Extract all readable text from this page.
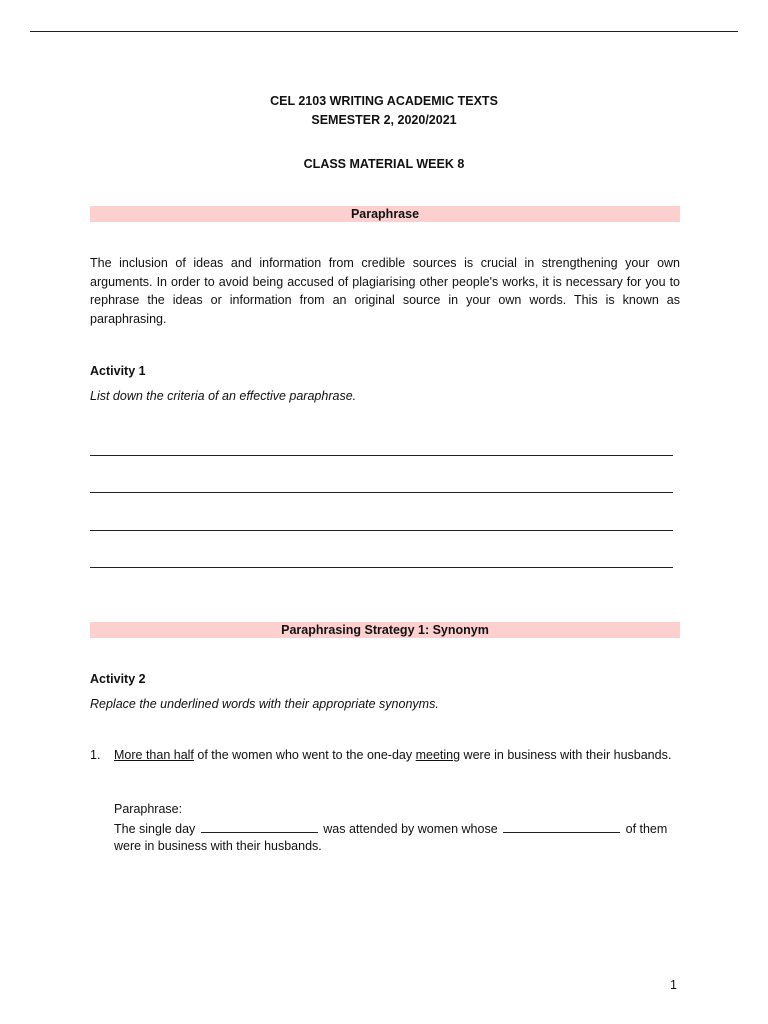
CEL 2103 WRITING ACADEMIC TEXTS
SEMESTER 2, 2020/2021
CLASS MATERIAL WEEK 8
Paraphrase

The inclusion of ideas and information from credible sources is crucial in strengthening your own arguments. In order to avoid being accused of plagiarising other people's works, it is necessary for you to rephrase the ideas or information from an original source in your own words. This is known as paraphrasing.

Activity 1
List down the criteria of an effective paraphrase.
Paraphrasing Strategy 1: Synonym
Activity 2
Replace the underlined words with their appropriate synonyms.
1. More than half of the women who went to the one-day meeting were in business with their husbands.
Paraphrase:
The single day	was attended by women whose	of them were in business with their husbands.
1
